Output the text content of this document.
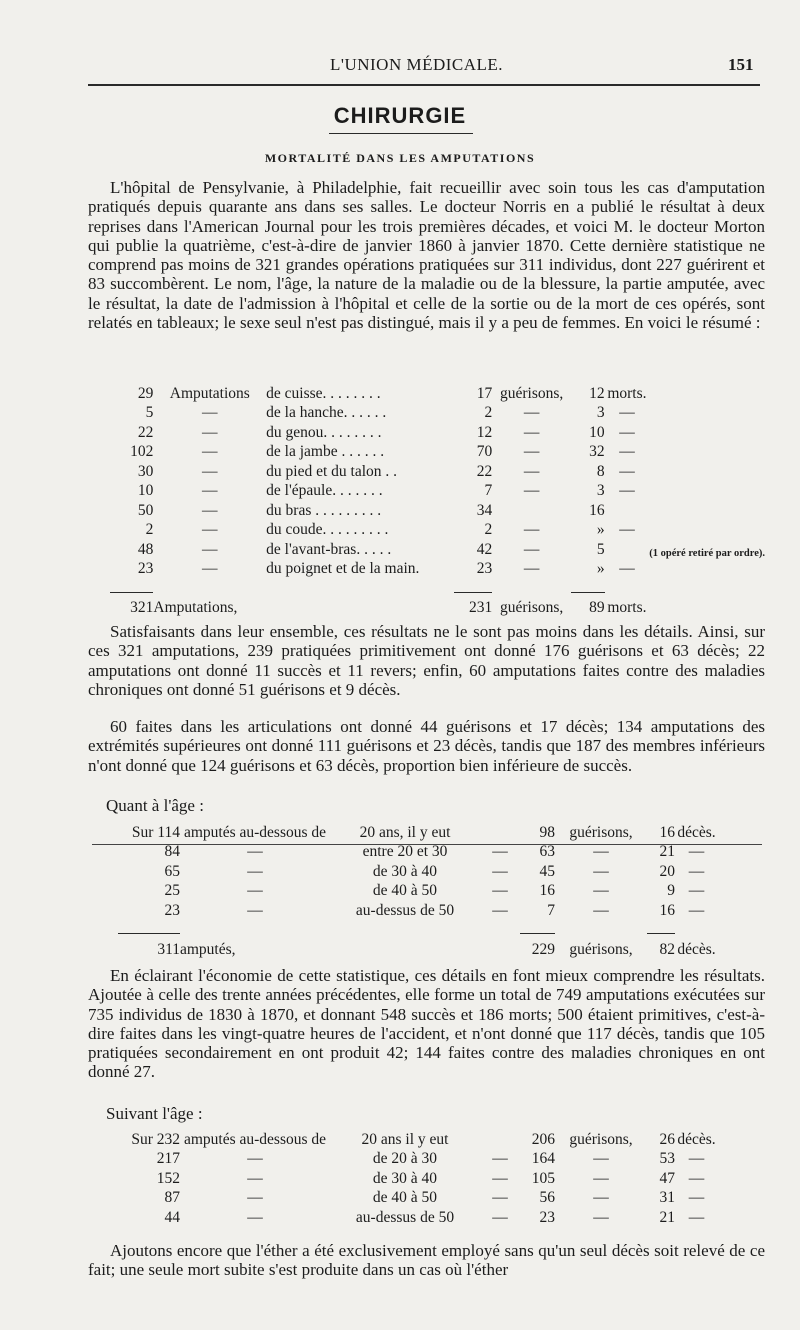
L'UNION MÉDICALE.	151
CHIRURGIE
MORTALITÉ DANS LES AMPUTATIONS
L'hôpital de Pensylvanie, à Philadelphie, fait recueillir avec soin tous les cas d'amputation pratiqués depuis quarante ans dans ses salles. Le docteur Norris en a publié le résultat à deux reprises dans l'American Journal pour les trois premières décades, et voici M. le docteur Morton qui publie la quatrième, c'est-à-dire de janvier 1860 à janvier 1870. Cette dernière statistique ne comprend pas moins de 321 grandes opérations pratiquées sur 311 individus, dont 227 guérirent et 83 succombèrent. Le nom, l'âge, la nature de la maladie ou de la blessure, la partie amputée, avec le résultat, la date de l'admission à l'hôpital et celle de la sortie ou de la mort de ces opérés, sont relatés en tableaux; le sexe seul n'est pas distingué, mais il y a peu de femmes. En voici le résumé :
29	Amputations	de cuisse. . . . . . . .	17	guérisons,	12	morts.	
5	—	de la hanche. . . . . .	2	—	3	—	
22	—	du genou. . . . . . . .	12	—	10	—	
102	—	de la jambe . . . . . .	70	—	32	—	
30	—	du pied et du talon . .	22	—	8	—	
10	—	de l'épaule. . . . . . .	7	—	3	—	
50	—	du bras . . . . . . . . .	34		16		
2	—	du coude. . . . . . . . .	2	—	»	—	
48	—	de l'avant-bras. . . . .	42	—	5		(1 opéré retiré par ordre).
23	—	du poignet et de la main.	23	—	»	—	

321	Amputations,		231	guérisons,	89	morts.	
Satisfaisants dans leur ensemble, ces résultats ne le sont pas moins dans les détails. Ainsi, sur ces 321 amputations, 239 pratiquées primitivement ont donné 176 guérisons et 63 décès; 22 amputations ont donné 11 succès et 11 revers; enfin, 60 amputations faites contre des maladies chroniques ont donné 51 guérisons et 9 décès.
60 faites dans les articulations ont donné 44 guérisons et 17 décès; 134 amputations des extrémités supérieures ont donné 111 guérisons et 23 décès, tandis que 187 des membres inférieurs n'ont donné que 124 guérisons et 63 décès, proportion bien inférieure de succès.
Quant à l'âge :
Sur 114	amputés au-dessous de	20 ans, il y eut		98	guérisons,	16	décès.
84	—	entre 20 et 30	—	63	—	21	—
65	—	de 30 à 40	—	45	—	20	—
25	—	de 40 à 50	—	16	—	9	—
23	—	au-dessus de 50	—	7	—	16	—

311	amputés,			229	guérisons,	82	décès.
En éclairant l'économie de cette statistique, ces détails en font mieux comprendre les résultats. Ajoutée à celle des trente années précédentes, elle forme un total de 749 amputations exécutées sur 735 individus de 1830 à 1870, et donnant 548 succès et 186 morts; 500 étaient primitives, c'est-à-dire faites dans les vingt-quatre heures de l'accident, et n'ont donné que 117 décès, tandis que 105 pratiquées secondairement en ont produit 42; 144 faites contre des maladies chroniques en ont donné 27.
Suivant l'âge :
Sur 232	amputés au-dessous de	20 ans il y eut		206	guérisons,	26	décès.
217	—	de 20 à 30	—	164	—	53	—
152	—	de 30 à 40	—	105	—	47	—
87	—	de 40 à 50	—	56	—	31	—
44	—	au-dessus de 50	—	23	—	21	—
Ajoutons encore que l'éther a été exclusivement employé sans qu'un seul décès soit relevé de ce fait; une seule mort subite s'est produite dans un cas où l'éther
